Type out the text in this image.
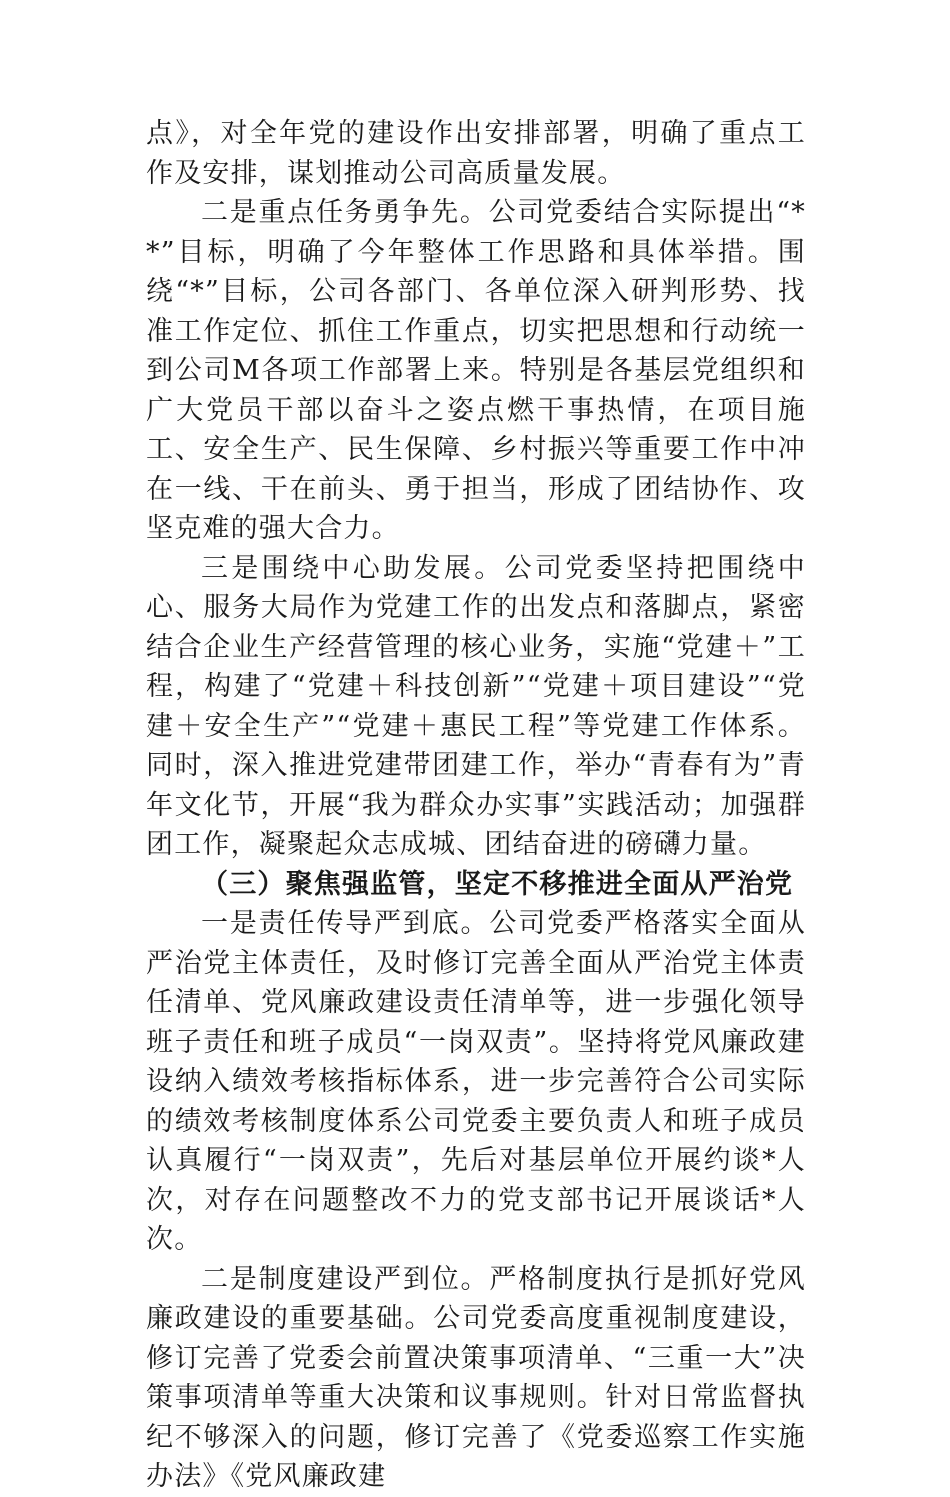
点》，对全年党的建设作出安排部署，明确了重点工作及安排，谋划推动公司高质量发展。

二是重点任务勇争先。公司党委结合实际提出“**”目标，明确了今年整体工作思路和具体举措。围绕“*”目标，公司各部门、各单位深入研判形势、找准工作定位、抓住工作重点，切实把思想和行动统一到公司M各项工作部署上来。特别是各基层党组织和广大党员干部以奋斗之姿点燃干事热情，在项目施工、安全生产、民生保障、乡村振兴等重要工作中冲在一线、干在前头、勇于担当，形成了团结协作、攻坚克难的强大合力。

三是围绕中心助发展。公司党委坚持把围绕中心、服务大局作为党建工作的出发点和落脚点，紧密结合企业生产经营管理的核心业务，实施“党建＋”工程，构建了“党建＋科技创新”“党建＋项目建设”“党建＋安全生产”“党建＋惠民工程”等党建工作体系。同时，深入推进党建带团建工作，举办“青春有为”青年文化节，开展“我为群众办实事”实践活动；加强群团工作，凝聚起众志成城、团结奋进的磅礴力量。

（三）聚焦强监管，坚定不移推进全面从严治党

一是责任传导严到底。公司党委严格落实全面从严治党主体责任，及时修订完善全面从严治党主体责任清单、党风廉政建设责任清单等，进一步强化领导班子责任和班子成员“一岗双责”。坚持将党风廉政建设纳入绩效考核指标体系，进一步完善符合公司实际的绩效考核制度体系公司党委主要负责人和班子成员认真履行“一岗双责”，先后对基层单位开展约谈*人次，对存在问题整改不力的党支部书记开展谈话*人次。

二是制度建设严到位。严格制度执行是抓好党风廉政建设的重要基础。公司党委高度重视制度建设，修订完善了党委会前置决策事项清单、“三重一大”决策事项清单等重大决策和议事规则。针对日常监督执纪不够深入的问题，修订完善了《党委巡察工作实施办法》《党风廉政建
